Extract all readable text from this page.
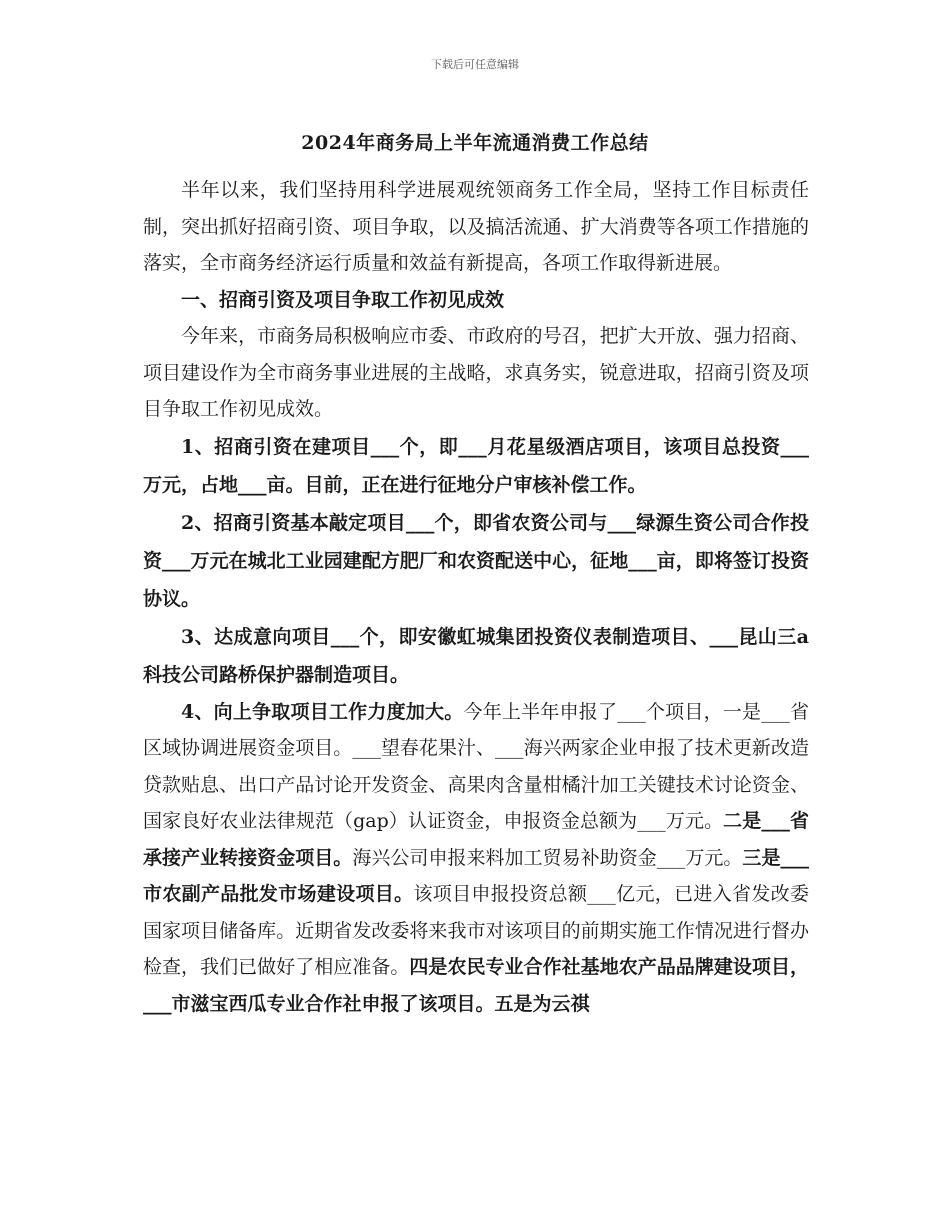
下载后可任意编辑
2024年商务局上半年流通消费工作总结

半年以来，我们坚持用科学进展观统领商务工作全局，坚持工作目标责任制，突出抓好招商引资、项目争取，以及搞活流通、扩大消费等各项工作措施的落实，全市商务经济运行质量和效益有新提高，各项工作取得新进展。

一、招商引资及项目争取工作初见成效

今年来，市商务局积极响应市委、市政府的号召，把扩大开放、强力招商、项目建设作为全市商务事业进展的主战略，求真务实，锐意进取，招商引资及项目争取工作初见成效。

1、招商引资在建项目___个，即___月花星级酒店项目，该项目总投资___万元，占地___亩。目前，正在进行征地分户审核补偿工作。

2、招商引资基本敲定项目___个，即省农资公司与___绿源生资公司合作投资___万元在城北工业园建配方肥厂和农资配送中心，征地___亩，即将签订投资协议。

3、达成意向项目___个，即安徽虹城集团投资仪表制造项目、___昆山三a科技公司路桥保护器制造项目。

4、向上争取项目工作力度加大。今年上半年申报了___个项目，一是___省区域协调进展资金项目。___望春花果汁、___海兴两家企业申报了技术更新改造贷款贴息、出口产品讨论开发资金、高果肉含量柑橘汁加工关键技术讨论资金、国家良好农业法律规范（gap）认证资金，申报资金总额为___万元。二是___省承接产业转接资金项目。海兴公司申报来料加工贸易补助资金___万元。三是___市农副产品批发市场建设项目。该项目申报投资总额___亿元，已进入省发改委国家项目储备库。近期省发改委将来我市对该项目的前期实施工作情况进行督办检查，我们已做好了相应准备。四是农民专业合作社基地农产品品牌建设项目，___市滋宝西瓜专业合作社申报了该项目。五是为云祺
